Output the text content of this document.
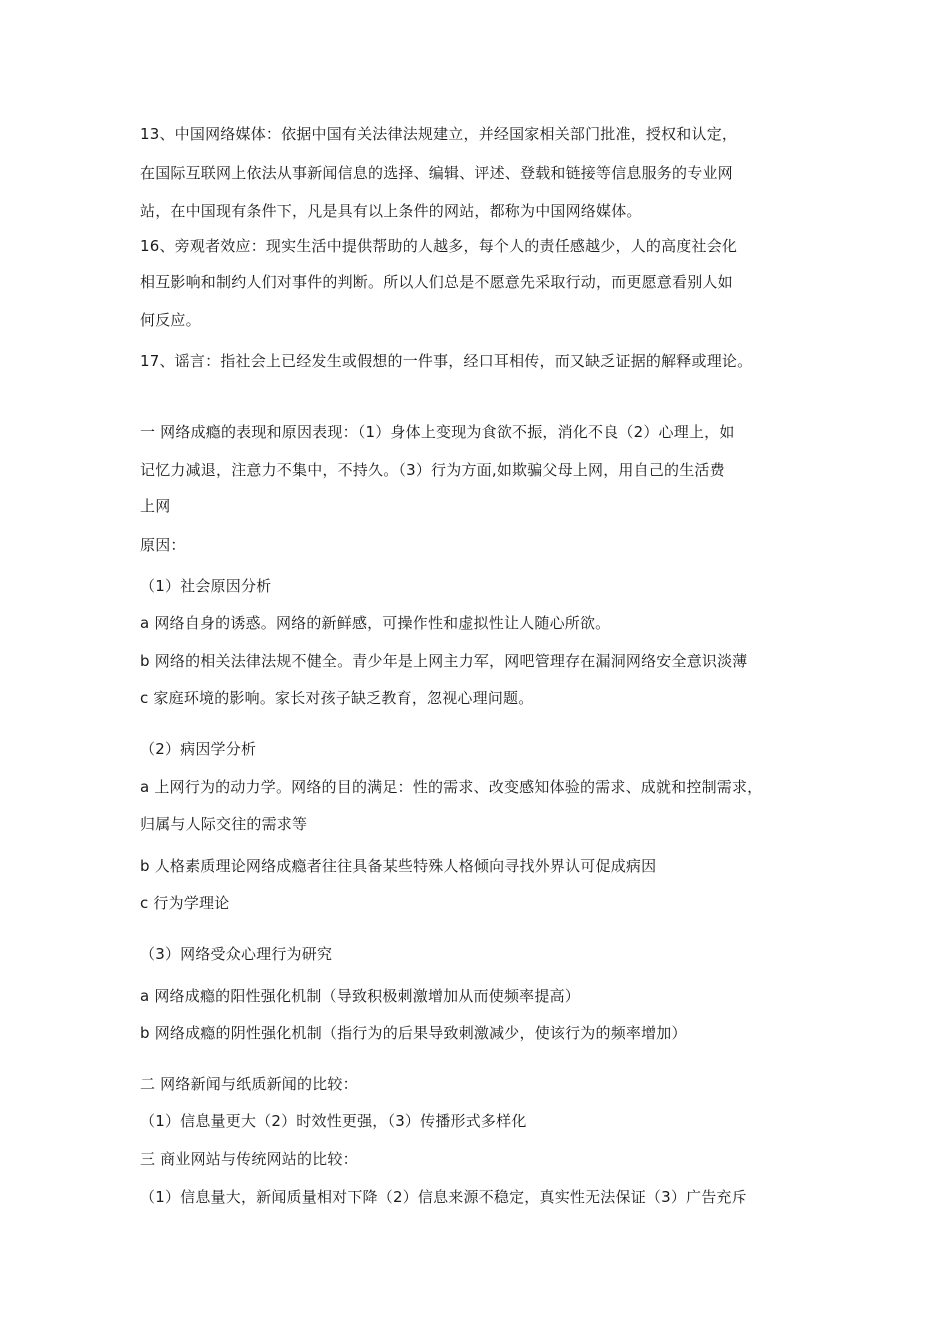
13、中国网络媒体：依据中国有关法律法规建立，并经国家相关部门批准，授权和认定，

在国际互联网上依法从事新闻信息的选择、编辑、评述、登载和链接等信息服务的专业网

站，在中国现有条件下，凡是具有以上条件的网站，都称为中国网络媒体。

16、旁观者效应：现实生活中提供帮助的人越多，每个人的责任感越少，人的高度社会化

相互影响和制约人们对事件的判断。所以人们总是不愿意先采取行动，而更愿意看别人如

何反应。

17、谣言：指社会上已经发生或假想的一件事，经口耳相传，而又缺乏证据的解释或理论。

一 网络成瘾的表现和原因表现：（1）身体上变现为食欲不振，消化不良（2）心理上，如

记忆力减退，注意力不集中，不持久。（3）行为方面,如欺骗父母上网，用自己的生活费

上网

原因：

（1）社会原因分析

a 网络自身的诱惑。网络的新鲜感，可操作性和虚拟性让人随心所欲。

b 网络的相关法律法规不健全。青少年是上网主力军，网吧管理存在漏洞网络安全意识淡薄

c 家庭环境的影响。家长对孩子缺乏教育，忽视心理问题。

（2）病因学分析

a 上网行为的动力学。网络的目的满足：性的需求、改变感知体验的需求、成就和控制需求，

归属与人际交往的需求等

b 人格素质理论网络成瘾者往往具备某些特殊人格倾向寻找外界认可促成病因

c 行为学理论

（3）网络受众心理行为研究

a 网络成瘾的阳性强化机制（导致积极刺激增加从而使频率提高）

b 网络成瘾的阴性强化机制（指行为的后果导致刺激减少，使该行为的频率增加）

二 网络新闻与纸质新闻的比较：

（1）信息量更大（2）时效性更强，（3）传播形式多样化

三 商业网站与传统网站的比较：

（1）信息量大，新闻质量相对下降（2）信息来源不稳定，真实性无法保证（3）广告充斥
